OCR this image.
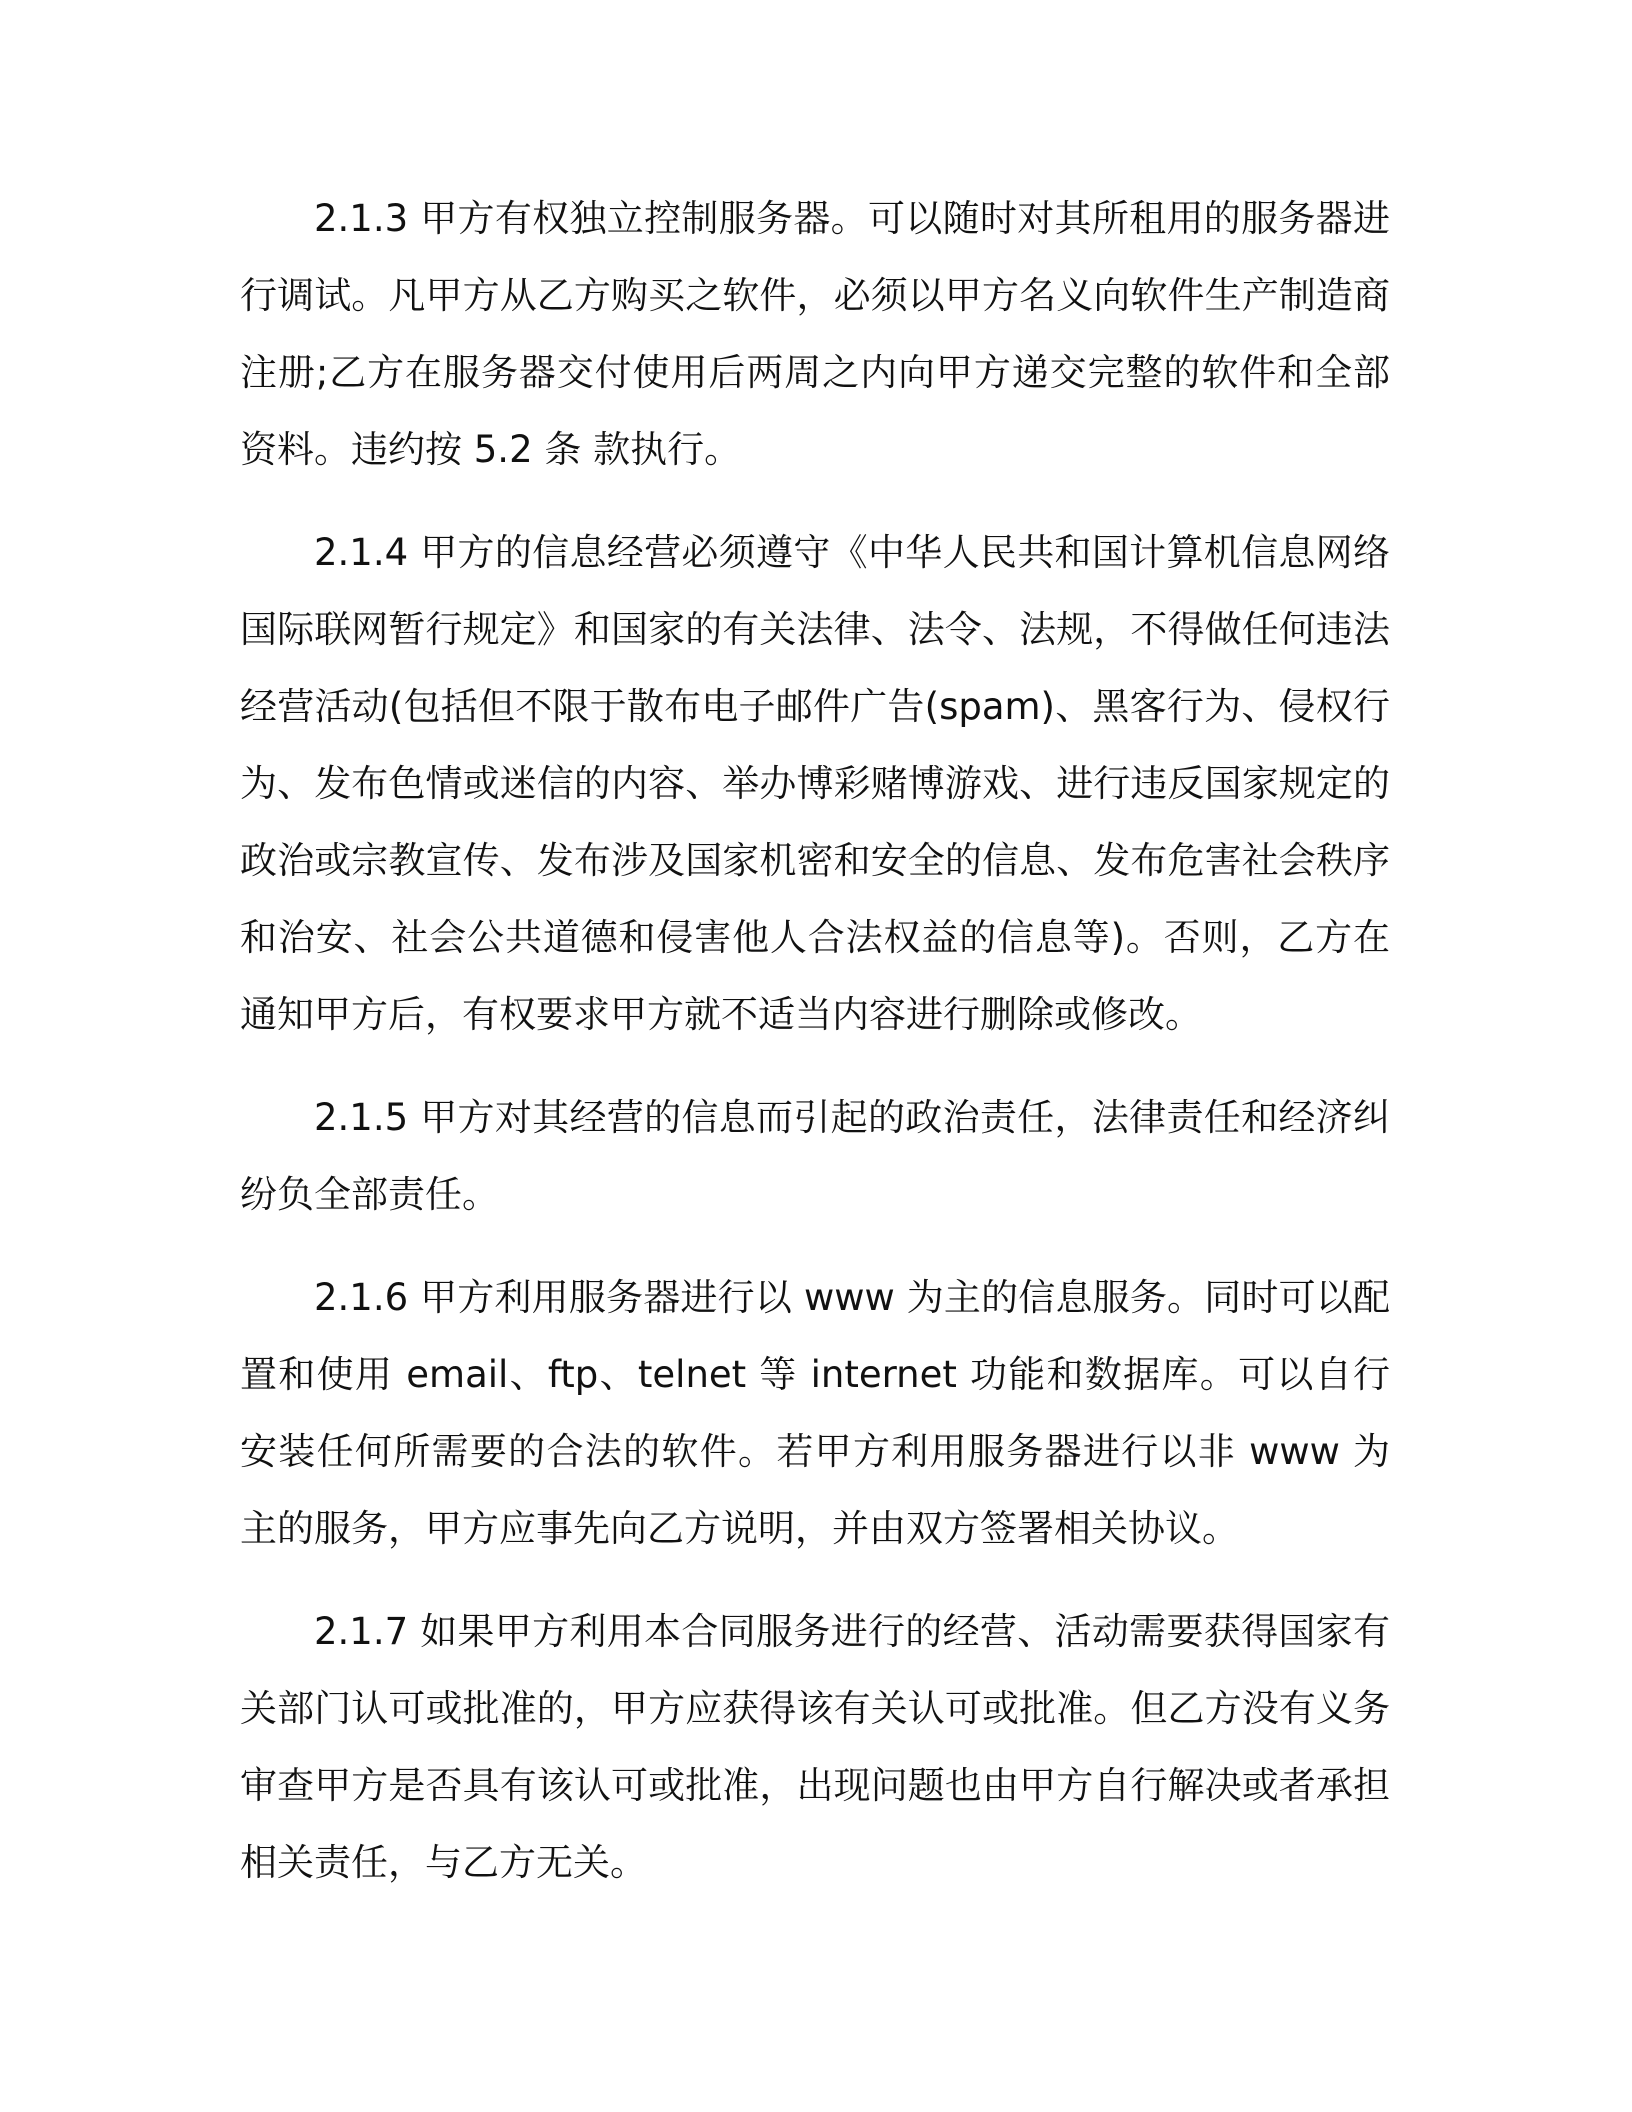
2.1.3 甲方有权独立控制服务器。可以随时对其所租用的服务器进行调试。凡甲方从乙方购买之软件，必须以甲方名义向软件生产制造商注册;乙方在服务器交付使用后两周之内向甲方递交完整的软件和全部资料。违约按 5.2 条 款执行。

2.1.4 甲方的信息经营必须遵守《中华人民共和国计算机信息网络国际联网暂行规定》和国家的有关法律、法令、法规，不得做任何违法经营活动(包括但不限于散布电子邮件广告(spam)、黑客行为、侵权行为、发布色情或迷信的内容、举办博彩赌博游戏、进行违反国家规定的政治或宗教宣传、发布涉及国家机密和安全的信息、发布危害社会秩序和治安、社会公共道德和侵害他人合法权益的信息等)。否则，乙方在通知甲方后，有权要求甲方就不适当内容进行删除或修改。

2.1.5 甲方对其经营的信息而引起的政治责任，法律责任和经济纠纷负全部责任。

2.1.6 甲方利用服务器进行以 www 为主的信息服务。同时可以配置和使用 email、ftp、telnet 等 internet 功能和数据库。可以自行安装任何所需要的合法的软件。若甲方利用服务器进行以非 www 为主的服务，甲方应事先向乙方说明，并由双方签署相关协议。

2.1.7 如果甲方利用本合同服务进行的经营、活动需要获得国家有关部门认可或批准的，甲方应获得该有关认可或批准。但乙方没有义务审查甲方是否具有该认可或批准，出现问题也由甲方自行解决或者承担相关责任，与乙方无关。
